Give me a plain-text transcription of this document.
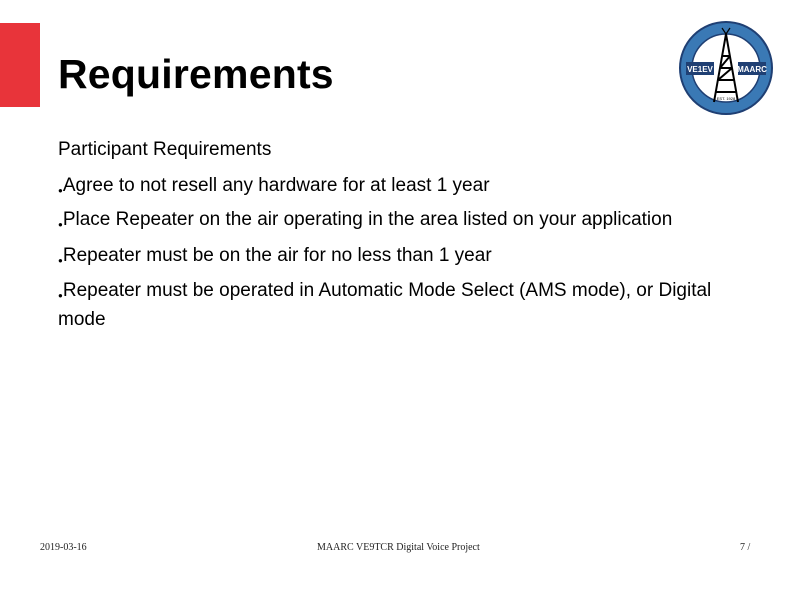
Requirements	VE1EV	MAARC
EST. 1928
Participant Requirements
●Agree to not resell any hardware for at least 1 year
●Place Repeater on the air operating in the area listed on your application
●Repeater must be on the air for no less than 1 year
●Repeater must be operated in Automatic Mode Select (AMS mode), or Digital mode
2019-03-16	MAARC VE9TCR Digital Voice Project	7 /
